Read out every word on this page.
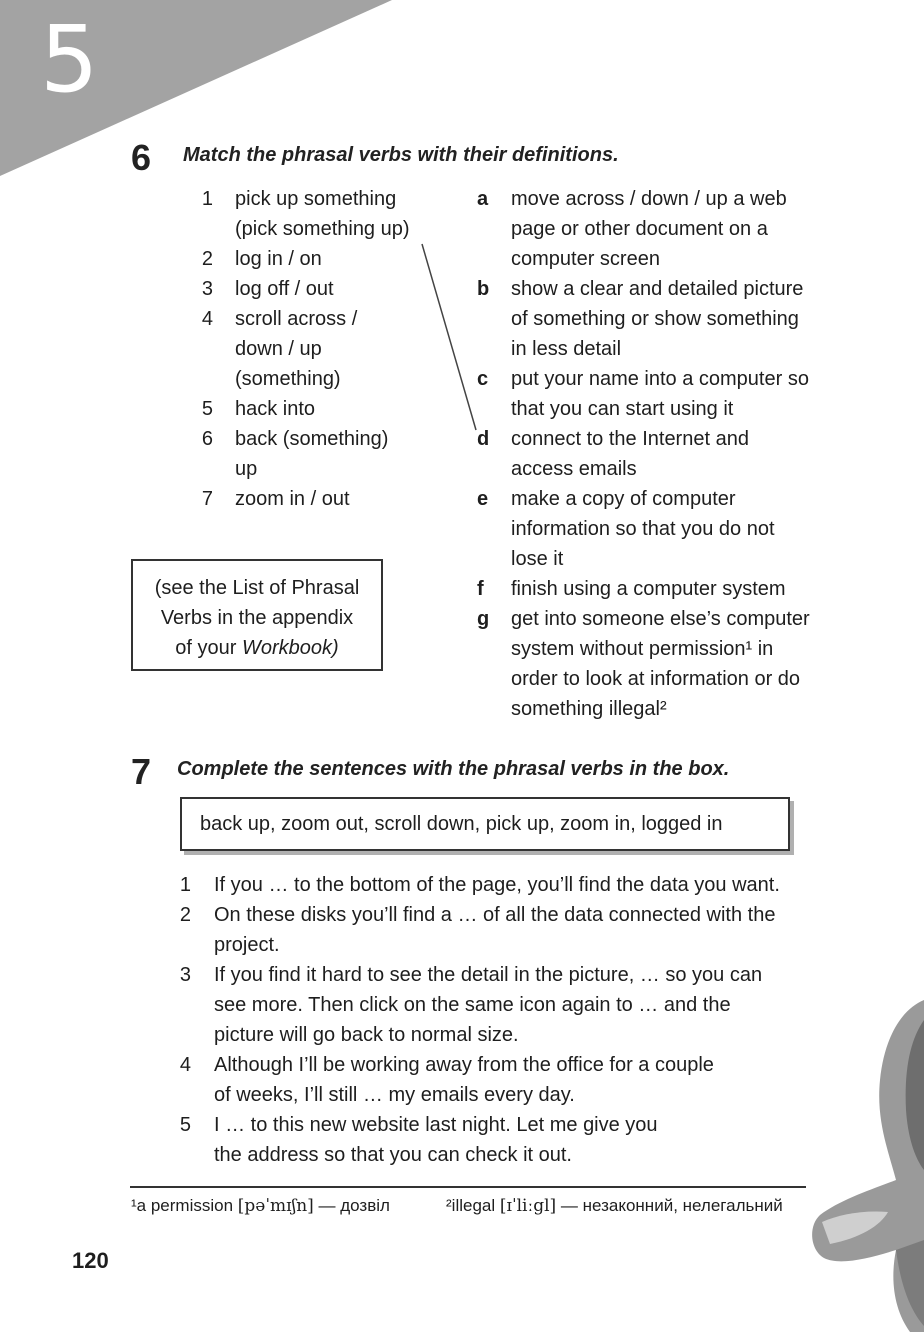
5
6 Match the phrasal verbs with their definitions.
1 pick up something
(pick something up)
2 log in / on
3 log off / out
4 scroll across /
down / up
(something)
5 hack into
6 back (something)
up
7 zoom in / out
a move across / down / up a web
page or other document on a
computer screen
b show a clear and detailed picture
of something or show something
in less detail
c put your name into a computer so
that you can start using it
d connect to the Internet and
access emails
e make a copy of computer
information so that you do not
lose it
f finish using a computer system
g get into someone else’s computer
system without permission¹ in
order to look at information or do
something illegal²
(see the List of Phrasal
Verbs in the appendix
of your Workbook)
7 Complete the sentences with the phrasal verbs in the box.
back up, zoom out, scroll down, pick up, zoom in, logged in
1 If you … to the bottom of the page, you’ll find the data you want.
2 On these disks you’ll find a … of all the data connected with the
project.
3 If you find it hard to see the detail in the picture, … so you can
see more. Then click on the same icon again to … and the
picture will go back to normal size.
4 Although I’ll be working away from the office for a couple
of weeks, I’ll still … my emails every day.
5 I … to this new website last night. Let me give you
the address so that you can check it out.
¹a permission [pəˈmɪʃn] — дозвіл	²illegal [ɪˈliːgl] — незаконний, нелегальний
120
